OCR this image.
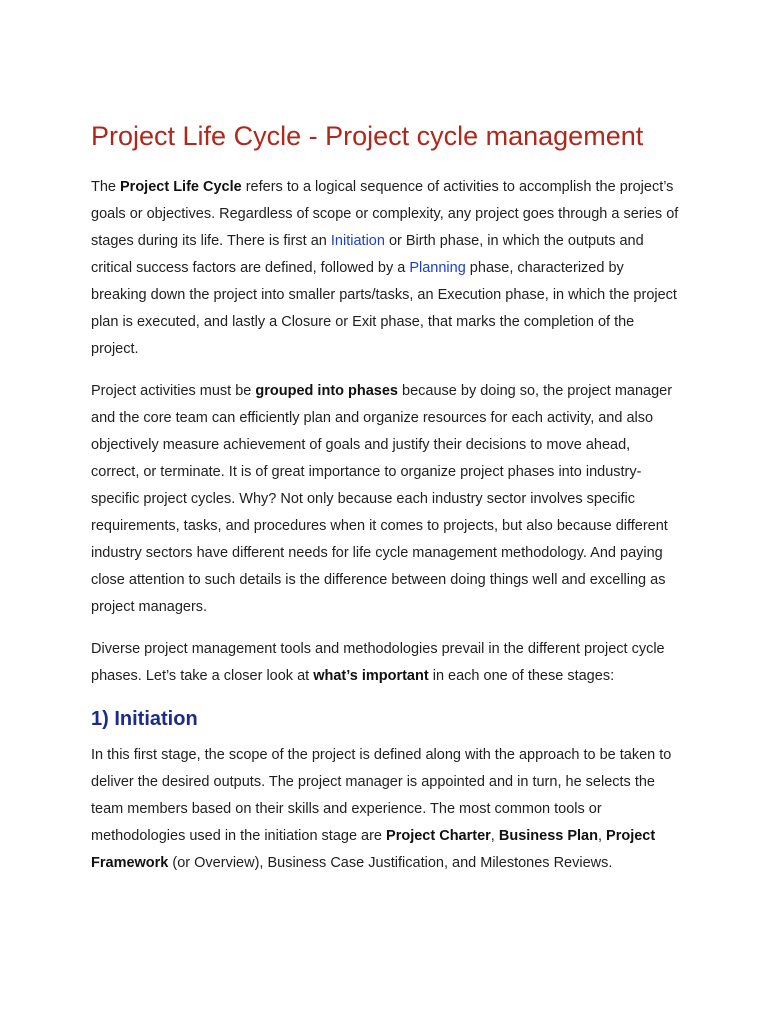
Project Life Cycle - Project cycle management

The Project Life Cycle refers to a logical sequence of activities to accomplish the project’s goals or objectives. Regardless of scope or complexity, any project goes through a series of stages during its life. There is first an Initiation or Birth phase, in which the outputs and critical success factors are defined, followed by a Planning phase, characterized by breaking down the project into smaller parts/tasks, an Execution phase, in which the project plan is executed, and lastly a Closure or Exit phase, that marks the completion of the project.

Project activities must be grouped into phases because by doing so, the project manager and the core team can efficiently plan and organize resources for each activity, and also objectively measure achievement of goals and justify their decisions to move ahead, correct, or terminate. It is of great importance to organize project phases into industry-specific project cycles. Why? Not only because each industry sector involves specific requirements, tasks, and procedures when it comes to projects, but also because different industry sectors have different needs for life cycle management methodology. And paying close attention to such details is the difference between doing things well and excelling as project managers.

Diverse project management tools and methodologies prevail in the different project cycle phases. Let’s take a closer look at what’s important in each one of these stages:

1) Initiation

In this first stage, the scope of the project is defined along with the approach to be taken to deliver the desired outputs. The project manager is appointed and in turn, he selects the team members based on their skills and experience. The most common tools or methodologies used in the initiation stage are Project Charter, Business Plan, Project Framework (or Overview), Business Case Justification, and Milestones Reviews.
